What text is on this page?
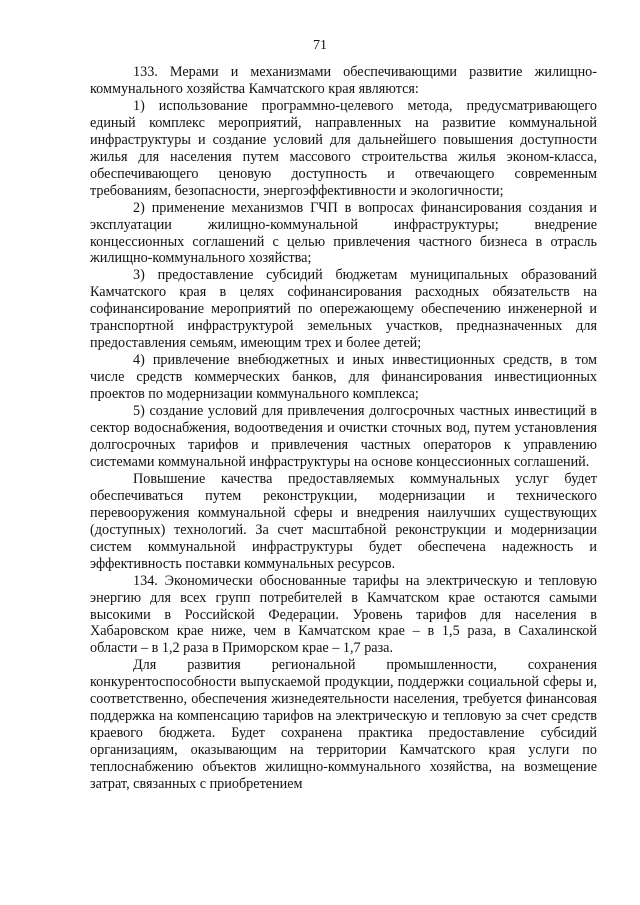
71

133. Мерами и механизмами обеспечивающими развитие жилищно-коммунального хозяйства Камчатского края являются:

1) использование программно-целевого метода, предусматривающего единый комплекс мероприятий, направленных на развитие коммунальной инфраструктуры и создание условий для дальнейшего повышения доступности жилья для населения путем массового строительства жилья эконом-класса, обеспечивающего ценовую доступность и отвечающего современным требованиям, безопасности, энергоэффективности и экологичности;

2) применение механизмов ГЧП в вопросах финансирования создания и эксплуатации жилищно-коммунальной инфраструктуры; внедрение концессионных соглашений с целью привлечения частного бизнеса в отрасль жилищно-коммунального хозяйства;

3) предоставление субсидий бюджетам муниципальных образований Камчатского края в целях софинансирования расходных обязательств на софинансирование мероприятий по опережающему обеспечению инженерной и транспортной инфраструктурой земельных участков, предназначенных для предоставления семьям, имеющим трех и более детей;

4) привлечение внебюджетных и иных инвестиционных средств, в том числе средств коммерческих банков, для финансирования инвестиционных проектов по модернизации коммунального комплекса;

5) создание условий для привлечения долгосрочных частных инвестиций в сектор водоснабжения, водоотведения и очистки сточных вод, путем установления долгосрочных тарифов и привлечения частных операторов к управлению системами коммунальной инфраструктуры на основе концессионных соглашений.

Повышение качества предоставляемых коммунальных услуг будет обеспечиваться путем реконструкции, модернизации и технического перевооружения коммунальной сферы и внедрения наилучших существующих (доступных) технологий. За счет масштабной реконструкции и модернизации систем коммунальной инфраструктуры будет обеспечена надежность и эффективность поставки коммунальных ресурсов.

134. Экономически обоснованные тарифы на электрическую и тепловую энергию для всех групп потребителей в Камчатском крае остаются самыми высокими в Российской Федерации. Уровень тарифов для населения в Хабаровском крае ниже, чем в Камчатском крае – в 1,5 раза, в Сахалинской области – в 1,2 раза в Приморском крае – 1,7 раза.

Для развития региональной промышленности, сохранения конкурентоспособности выпускаемой продукции, поддержки социальной сферы и, соответственно, обеспечения жизнедеятельности населения, требуется финансовая поддержка на компенсацию тарифов на электрическую и тепловую за счет средств краевого бюджета. Будет сохранена практика предоставление субсидий организациям, оказывающим на территории Камчатского края услуги по теплоснабжению объектов жилищно-коммунального хозяйства, на возмещение затрат, связанных с приобретением
